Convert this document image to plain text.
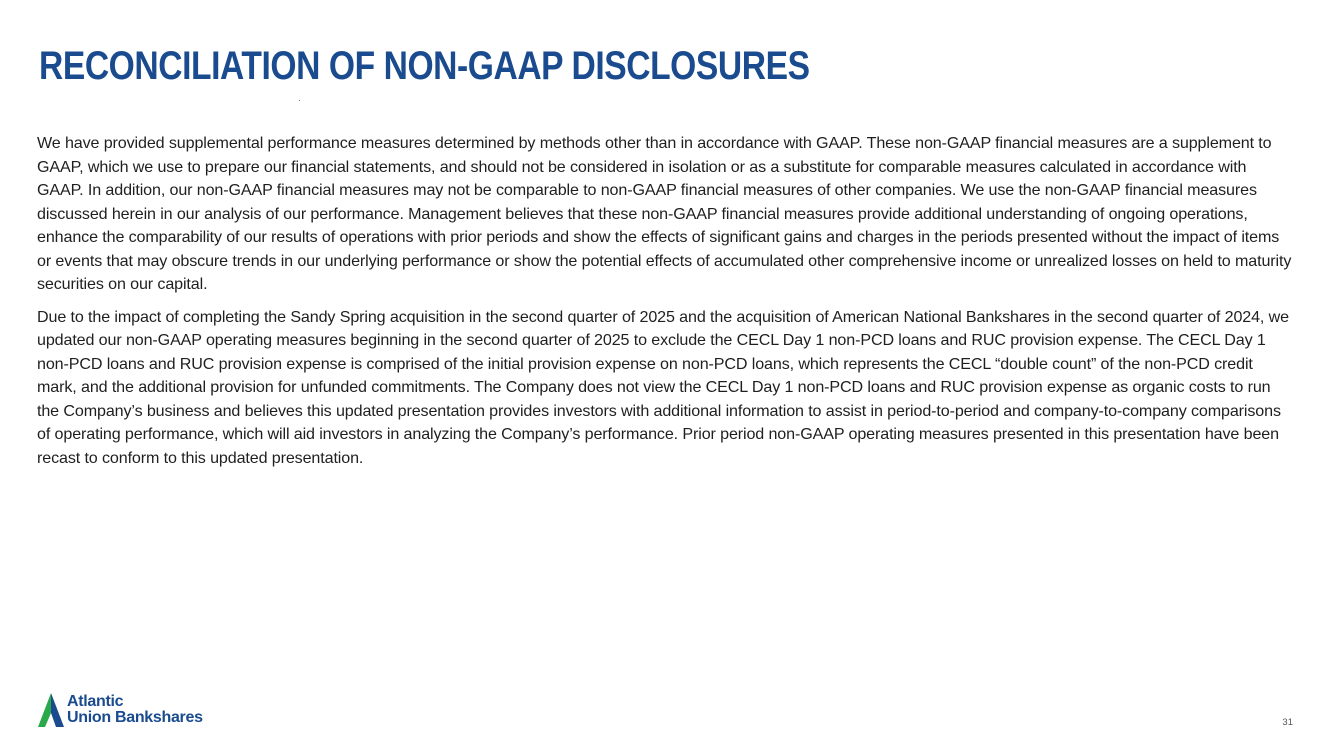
RECONCILIATION OF NON-GAAP DISCLOSURES

We have provided supplemental performance measures determined by methods other than in accordance with GAAP. These non-GAAP financial measures are a supplement to GAAP, which we use to prepare our financial statements, and should not be considered in isolation or as a substitute for comparable measures calculated in accordance with GAAP. In addition, our non-GAAP financial measures may not be comparable to non-GAAP financial measures of other companies. We use the non-GAAP financial measures discussed herein in our analysis of our performance. Management believes that these non-GAAP financial measures provide additional understanding of ongoing operations, enhance the comparability of our results of operations with prior periods and show the effects of significant gains and charges in the periods presented without the impact of items or events that may obscure trends in our underlying performance or show the potential effects of accumulated other comprehensive income or unrealized losses on held to maturity securities on our capital.

Due to the impact of completing the Sandy Spring acquisition in the second quarter of 2025 and the acquisition of American National Bankshares in the second quarter of 2024, we updated our non-GAAP operating measures beginning in the second quarter of 2025 to exclude the CECL Day 1 non-PCD loans and RUC provision expense. The CECL Day 1 non-PCD loans and RUC provision expense is comprised of the initial provision expense on non-PCD loans, which represents the CECL “double count” of the non-PCD credit mark, and the additional provision for unfunded commitments. The Company does not view the CECL Day 1 non-PCD loans and RUC provision expense as organic costs to run the Company’s business and believes this updated presentation provides investors with additional information to assist in period-to-period and company-to-company comparisons of operating performance, which will aid investors in analyzing the Company’s performance. Prior period non-GAAP operating measures presented in this presentation have been recast to conform to this updated presentation.

Atlantic
Union Bankshares	31
